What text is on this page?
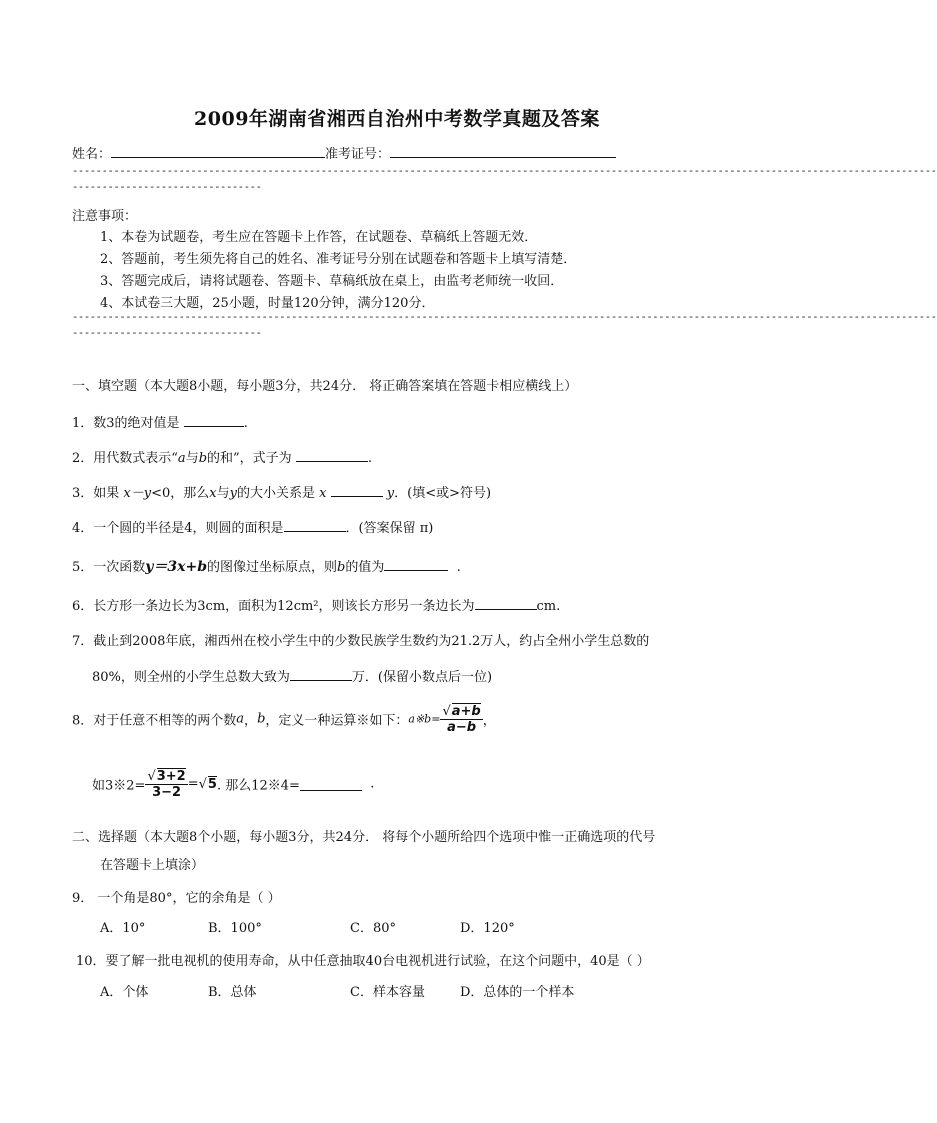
2009年湖南省湘西自治州中考数学真题及答案
姓名：	准考证号：
--------------------------------------------------------------------------------------------------------------------------------------------------
--------------------------------
注意事项：
1、本卷为试题卷，考生应在答题卡上作答，在试题卷、草稿纸上答题无效．
2、答题前，考生须先将自己的姓名、准考证号分别在试题卷和答题卡上填写清楚．
3、答题完成后，请将试题卷、答题卡、草稿纸放在桌上，由监考老师统一收回．
4、本试卷三大题，25小题，时量120分钟，满分120分．
--------------------------------------------------------------------------------------------------------------------------------------------------
--------------------------------
一、填空题（本大题8小题，每小题3分，共24分． 将正确答案填在答题卡相应横线上）
1．数3的绝对值是	.
2．用代数式表示“a与b的和”，式子为	.
3．如果 x－y<0，那么x与y的大小关系是 x	y．(填<或>符号)
4．一个圆的半径是4，则圆的面积是	．(答案保留 π)
5．一次函数y＝3x+b的图像过坐标原点，则b的值为	.
6．长方形一条边长为3cm，面积为12cm²，则该长方形另一条边长为	cm.
7．截止到2008年底，湘西州在校小学生中的少数民族学生数约为21.2万人，约占全州小学生总数的
80%，则全州的小学生总数大致为	万．(保留小数点后一位)
8．对于任意不相等的两个数a，b，定义一种运算※如下：a※b= $\frac{√a+b}{a-b}$ ，
如3※2= $\frac{√3+2}{3-2} =√5$. 那么12※4=	.
二、选择题（本大题8个小题，每小题3分，共24分． 将每个小题所给四个选项中惟一正确选项的代号
在答题卡上填涂）
9． 一个角是80°，它的余角是（ ）
A．10°	B．100°	C．80°	D．120°
10．要了解一批电视机的使用寿命，从中任意抽取40台电视机进行试验，在这个问题中，40是（ ）
A．个体	B．总体	C．样本容量	D．总体的一个样本
